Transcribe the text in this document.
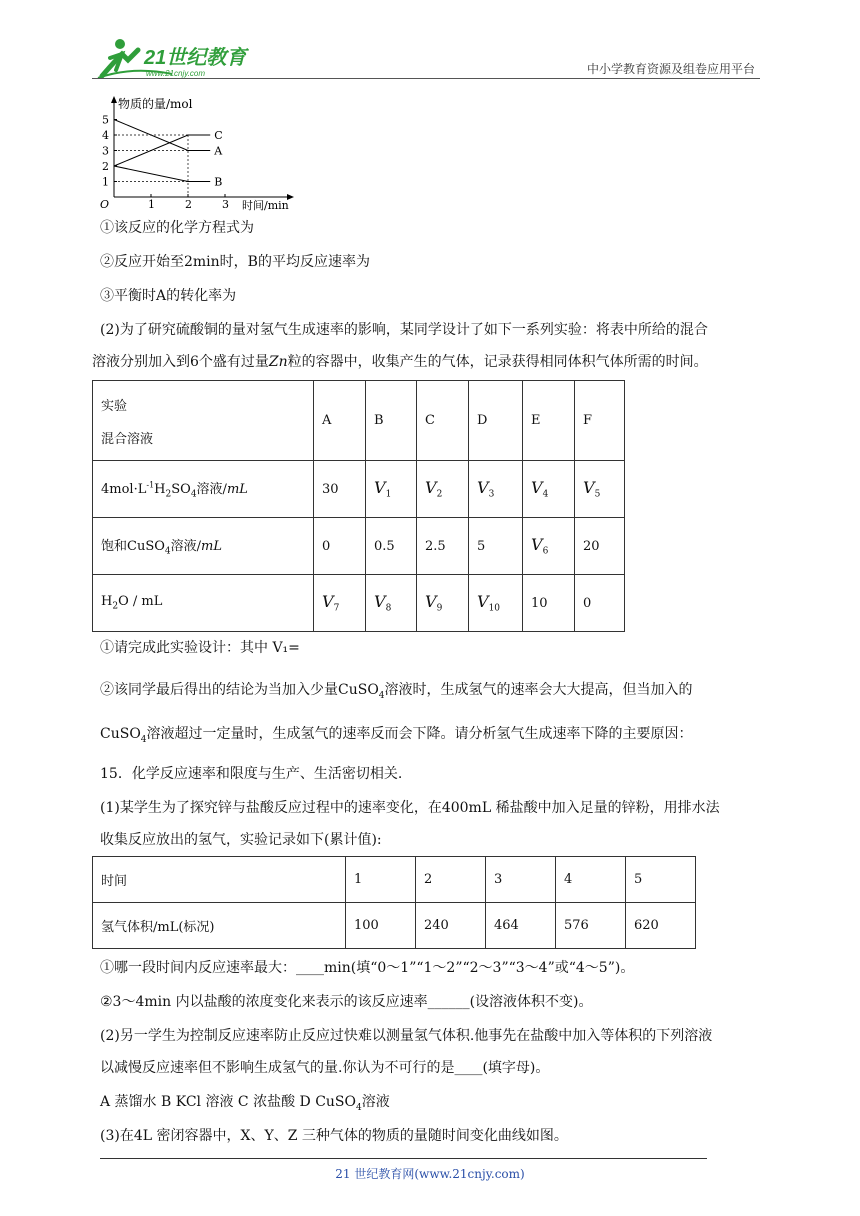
21世纪教育
www.21cnjy.com	中小学教育资源及组卷应用平台
物质的量/mol
时间/min
O	1	2	3
1
2
3
4
5
C
A
B
①该反应的化学方程式为
②反应开始至2min时，B的平均反应速率为
③平衡时A的转化率为
(2)为了研究硫酸铜的量对氢气生成速率的影响，某同学设计了如下一系列实验：将表中所给的混合
溶液分别加入到6个盛有过量Zn粒的容器中，收集产生的气体，记录获得相同体积气体所需的时间。
实验
混合溶液	A	B	C	D	E	F
$4mol\cdot L^{-1}H_2SO_4$溶液/mL	30	$V_1$	$V_2$	$V_3$	$V_4$	$V_5$
饱和CuSO$_4$溶液/mL	0	0.5	2.5	5	$V_6$	20
$H_2O$ / mL	$V_7$	$V_8$	$V_9$	$V_{10}$	10	0
①请完成此实验设计：其中 V₁=
②该同学最后得出的结论为当加入少量CuSO$_4$溶液时，生成氢气的速率会大大提高，但当加入的
CuSO$_4$溶液超过一定量时，生成氢气的速率反而会下降。请分析氢气生成速率下降的主要原因：
15．化学反应速率和限度与生产、生活密切相关.
(1)某学生为了探究锌与盐酸反应过程中的速率变化，在400mL 稀盐酸中加入足量的锌粉，用排水法
收集反应放出的氢气，实验记录如下(累计值):
时间	1	2	3	4	5
氢气体积/mL(标况)	100	240	464	576	620
①哪一段时间内反应速率最大：____min(填“0～1”“1～2”“2～3”“3～4”或“4～5”)。
②3～4min 内以盐酸的浓度变化来表示的该反应速率______(设溶液体积不变)。
(2)另一学生为控制反应速率防止反应过快难以测量氢气体积.他事先在盐酸中加入等体积的下列溶液
以减慢反应速率但不影响生成氢气的量.你认为不可行的是____(填字母)。
A 蒸馏水 B KCl 溶液 C 浓盐酸 D CuSO$_4$溶液
(3)在4L 密闭容器中，X、Y、Z 三种气体的物质的量随时间变化曲线如图。
21 世纪教育网(www.21cnjy.com)
